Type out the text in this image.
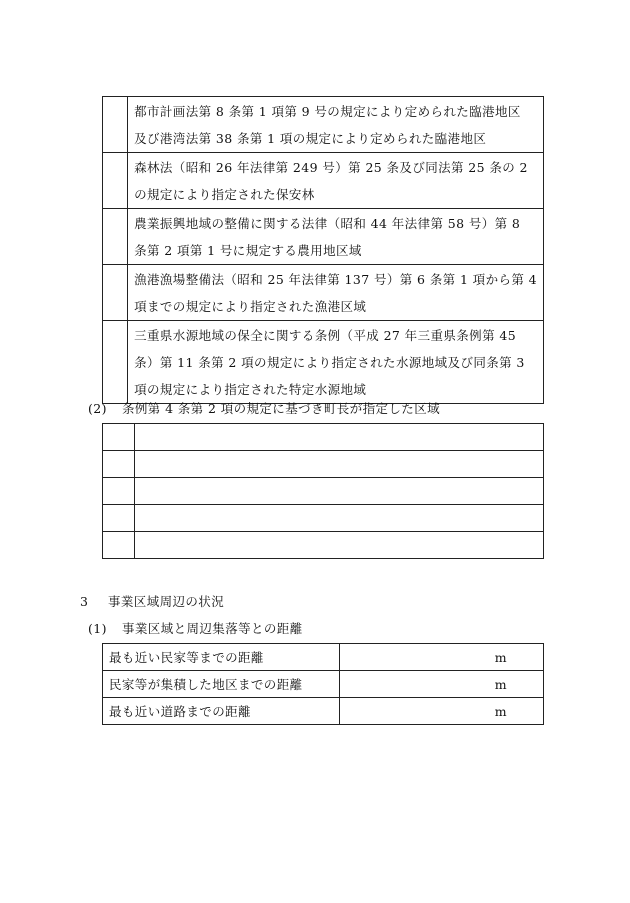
	都市計画法第 8 条第 1 項第 9 号の規定により定められた臨港地区
及び港湾法第 38 条第 1 項の規定により定められた臨港地区

	森林法（昭和 26 年法律第 249 号）第 25 条及び同法第 25 条の 2
の規定により指定された保安林

	農業振興地域の整備に関する法律（昭和 44 年法律第 58 号）第 8
条第 2 項第 1 号に規定する農用地区域

	漁港漁場整備法（昭和 25 年法律第 137 号）第 6 条第 1 項から第 4
項までの規定により指定された漁港区域

	三重県水源地域の保全に関する条例（平成 27 年三重県条例第 45
条）第 11 条第 2 項の規定により指定された水源地域及び同条第 3
項の規定により指定された特定水源地域
(2) 条例第 4 条第 2 項の規定に基づき町長が指定した区域

3 事業区域周辺の状況
(1) 事業区域と周辺集落等との距離
最も近い民家等までの距離	m
民家等が集積した地区までの距離	m
最も近い道路までの距離	m
